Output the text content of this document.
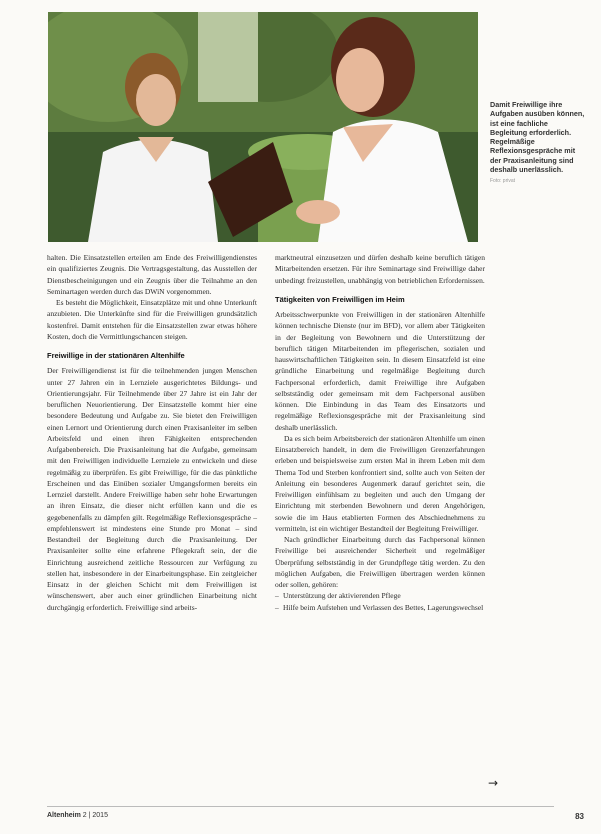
Damit Freiwillige ihre Aufgaben ausüben können, ist eine fachliche Begleitung erforderlich. Regelmäßige Reflexionsgespräche mit der Praxisanleitung sind deshalb unerlässlich.
Foto: privat

halten. Die Einsatzstellen erteilen am Ende des Freiwilligendienstes ein qualifiziertes Zeugnis. Die Vertragsgestaltung, das Ausstellen der Dienstbescheinigungen und ein Zeugnis über die Teilnahme an den Seminartagen werden durch das DWiN vorgenommen.

Es besteht die Möglichkeit, Einsatzplätze mit und ohne Unterkunft anzubieten. Die Unterkünfte sind für die Freiwilligen grundsätzlich kostenfrei. Damit entstehen für die Einsatzstellen zwar etwas höhere Kosten, doch die Vermittlungschancen steigen.

Freiwillige in der stationären Altenhilfe

Der Freiwilligendienst ist für die teilnehmenden jungen Menschen unter 27 Jahren ein in Lernziele ausgerichtetes Bildungs- und Orientierungsjahr. Für Teilnehmende über 27 Jahre ist ein Jahr der beruflichen Neuorientierung. Der Einsatzstelle kommt hier eine besondere Bedeutung und Aufgabe zu. Sie bietet den Freiwilligen einen Lernort und Orientierung durch einen Praxisanleiter im selben Arbeitsfeld und einen ihren Fähigkeiten entsprechenden Aufgabenbereich. Die Praxisanleitung hat die Aufgabe, gemeinsam mit den Freiwilligen individuelle Lernziele zu entwickeln und diese regelmäßig zu überprüfen. Es gibt Freiwillige, für die das pünktliche Erscheinen und das Einüben sozialer Umgangsformen bereits ein Lernziel darstellt. Andere Freiwillige haben sehr hohe Erwartungen an ihren Einsatz, die dieser nicht erfüllen kann und die es gegebenenfalls zu dämpfen gilt. Regelmäßige Reflexionsgespräche – empfehlenswert ist mindestens eine Stunde pro Monat – sind Bestandteil der Begleitung durch die Praxisanleitung. Der Praxisanleiter sollte eine erfahrene Pflegekraft sein, der die Einrichtung ausreichend zeitliche Ressourcen zur Verfügung zu stellen hat, insbesondere in der Einarbeitungsphase. Ein zeitgleicher Einsatz in der gleichen Schicht mit dem Freiwilligen ist wünschenswert, aber auch einer gründlichen Einarbeitung nicht durchgängig erforderlich. Freiwillige sind arbeits-

marktneutral einzusetzen und dürfen deshalb keine beruflich tätigen Mitarbeitenden ersetzen. Für ihre Seminartage sind Freiwillige daher unbedingt freizustellen, unabhängig von betrieblichen Erfordernissen.

Tätigkeiten von Freiwilligen im Heim

Arbeitsschwerpunkte von Freiwilligen in der stationären Altenhilfe können technische Dienste (nur im BFD), vor allem aber Tätigkeiten in der Begleitung von Bewohnern und die Unterstützung der beruflich tätigen Mitarbeitenden im pflegerischen, sozialen und hauswirtschaftlichen Tätigkeiten sein. In diesem Einsatzfeld ist eine gründliche Einarbeitung und regelmäßige Begleitung durch Fachpersonal erforderlich, damit Freiwillige ihre Aufgaben selbstständig oder gemeinsam mit dem Fachpersonal ausüben können. Die Einbindung in das Team des Einsatzorts und regelmäßige Reflexionsgespräche mit der Praxisanleitung sind deshalb unerlässlich.

Da es sich beim Arbeitsbereich der stationären Altenhilfe um einen Einsatzbereich handelt, in dem die Freiwilligen Grenzerfahrungen erleben und beispielsweise zum ersten Mal in ihrem Leben mit dem Thema Tod und Sterben konfrontiert sind, sollte auch von Seiten der Anleitung ein besonderes Augenmerk darauf gerichtet sein, die Freiwilligen einfühlsam zu begleiten und auch den Umgang der Einrichtung mit sterbenden Bewohnern und deren Angehörigen, sowie die im Haus etablierten Formen des Abschiednehmens zu vermitteln, ist ein wichtiger Bestandteil der Begleitung Freiwilliger.

Nach gründlicher Einarbeitung durch das Fachpersonal können Freiwillige bei ausreichender Sicherheit und regelmäßiger Überprüfung selbstständig in der Grundpflege tätig werden. Zu den möglichen Aufgaben, die Freiwilligen übertragen werden können oder sollen, gehören:

– Unterstützung der aktivierenden Pflege
– Hilfe beim Aufstehen und Verlassen des Bettes, Lagerungswechsel
→
Altenheim 2 | 2015	83
